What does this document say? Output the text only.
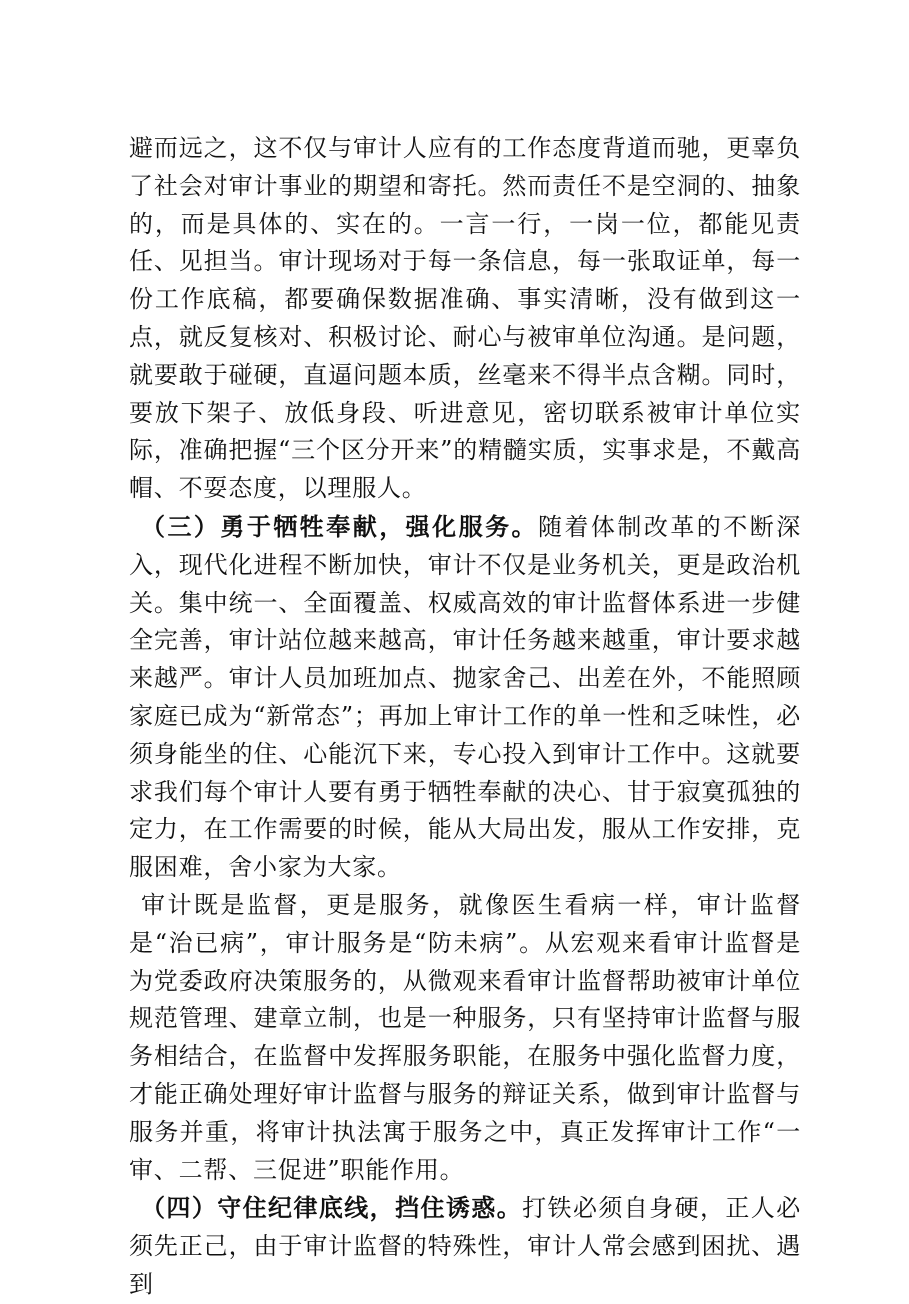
避而远之，这不仅与审计人应有的工作态度背道而驰，更辜负了社会对审计事业的期望和寄托。然而责任不是空洞的、抽象的，而是具体的、实在的。一言一行，一岗一位，都能见责任、见担当。审计现场对于每一条信息，每一张取证单，每一份工作底稿，都要确保数据准确、事实清晰，没有做到这一点，就反复核对、积极讨论、耐心与被审单位沟通。是问题，就要敢于碰硬，直逼问题本质，丝毫来不得半点含糊。同时，要放下架子、放低身段、听进意见，密切联系被审计单位实际，准确把握“三个区分开来”的精髓实质，实事求是，不戴高帽、不耍态度，以理服人。

（三）勇于牺牲奉献，强化服务。随着体制改革的不断深入，现代化进程不断加快，审计不仅是业务机关，更是政治机关。集中统一、全面覆盖、权威高效的审计监督体系进一步健全完善，审计站位越来越高，审计任务越来越重，审计要求越来越严。审计人员加班加点、抛家舍己、出差在外，不能照顾家庭已成为“新常态”；再加上审计工作的单一性和乏味性，必须身能坐的住、心能沉下来，专心投入到审计工作中。这就要求我们每个审计人要有勇于牺牲奉献的决心、甘于寂寞孤独的定力，在工作需要的时候，能从大局出发，服从工作安排，克服困难，舍小家为大家。

审计既是监督，更是服务，就像医生看病一样，审计监督是“治已病”，审计服务是“防未病”。从宏观来看审计监督是为党委政府决策服务的，从微观来看审计监督帮助被审计单位规范管理、建章立制，也是一种服务，只有坚持审计监督与服务相结合，在监督中发挥服务职能，在服务中强化监督力度，才能正确处理好审计监督与服务的辩证关系，做到审计监督与服务并重，将审计执法寓于服务之中，真正发挥审计工作“一审、二帮、三促进”职能作用。

（四）守住纪律底线，挡住诱惑。打铁必须自身硬，正人必须先正己，由于审计监督的特殊性，审计人常会感到困扰、遇到
